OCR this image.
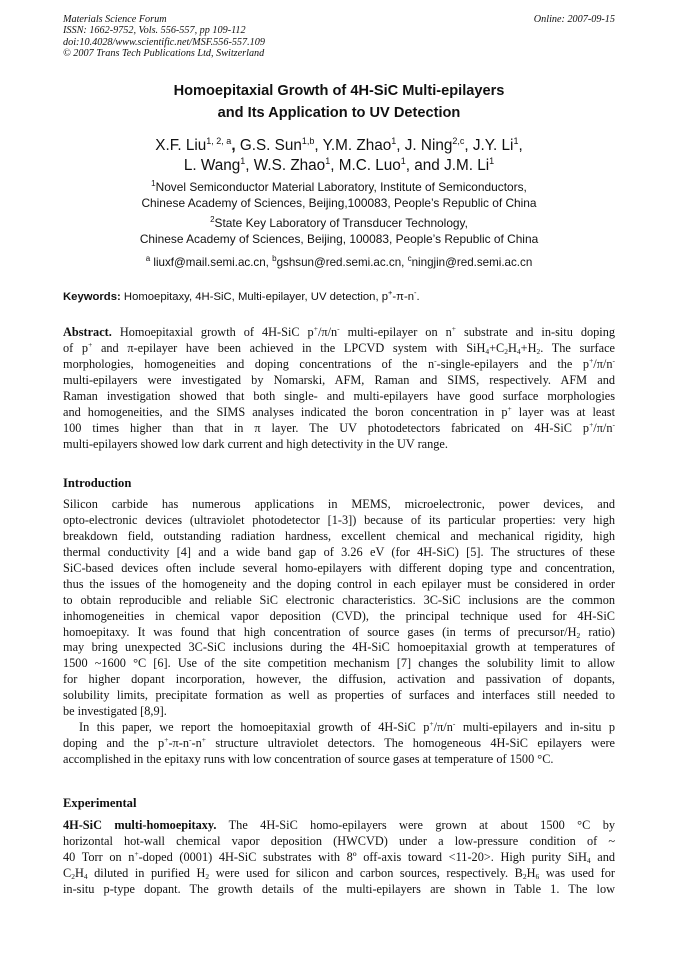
Materials Science Forum
ISSN: 1662-9752, Vols. 556-557, pp 109-112
doi:10.4028/www.scientific.net/MSF.556-557.109
© 2007 Trans Tech Publications Ltd, Switzerland
Online: 2007-09-15
Homoepitaxial Growth of 4H-SiC Multi-epilayers
and Its Application to UV Detection
X.F. Liu$^{1, 2, a}$, G.S. Sun$^{1,b}$, Y.M. Zhao$^1$, J. Ning$^{2,c}$, J.Y. Li$^1$,
L. Wang$^1$, W.S. Zhao$^1$, M.C. Luo$^1$, and J.M. Li$^1$
$^1$Novel Semiconductor Material Laboratory, Institute of Semiconductors,
Chinese Academy of Sciences, Beijing,100083, People’s Republic of China
$^2$State Key Laboratory of Transducer Technology,
Chinese Academy of Sciences, Beijing, 100083, People’s Republic of China
$^a$ liuxf@mail.semi.ac.cn, $^b$gshsun@red.semi.ac.cn, $^c$ningjin@red.semi.ac.cn
Keywords: Homoepitaxy, 4H-SiC, Multi-epilayer, UV detection, p+-π-n-.
Abstract. Homoepitaxial growth of 4H-SiC p+/π/n- multi-epilayer on n+ substrate and in-situ doping
of p+ and π-epilayer have been achieved in the LPCVD system with $SiH_4+C_2H_4+H_2$. The surface
morphologies, homogeneities and doping concentrations of the n--single-epilayers and the p+/π/n-
multi-epilayers were investigated by Nomarski, AFM, Raman and SIMS, respectively. AFM and
Raman investigation showed that both single- and multi-epilayers have good surface morphologies
and homogeneities, and the SIMS analyses indicated the boron concentration in p+ layer was at least
100 times higher than that in π layer. The UV photodetectors fabricated on 4H-SiC p+/π/n-
multi-epilayers showed low dark current and high detectivity in the UV range.
Introduction
Silicon carbide has numerous applications in MEMS, microelectronic, power devices, and
opto-electronic devices (ultraviolet photodetector [1-3]) because of its particular properties: very high
breakdown field, outstanding radiation hardness, excellent chemical and mechanical rigidity, high
thermal conductivity [4] and a wide band gap of 3.26 eV (for 4H-SiC) [5]. The structures of these
SiC-based devices often include several homo-epilayers with different doping type and concentration,
thus the issues of the homogeneity and the doping control in each epilayer must be considered in order
to obtain reproducible and reliable SiC electronic characteristics. 3C-SiC inclusions are the common
inhomogeneities in chemical vapor deposition (CVD), the principal technique used for 4H-SiC
homoepitaxy. It was found that high concentration of source gases (in terms of precursor/$H_2$ ratio)
may bring unexpected 3C-SiC inclusions during the 4H-SiC homoepitaxial growth at temperatures of
1500 ~1600 °C [6]. Use of the site competition mechanism [7] changes the solubility limit to allow
for higher dopant incorporation, however, the diffusion, activation and passivation of dopants,
solubility limits, precipitate formation as well as properties of surfaces and interfaces still needed to
be investigated [8,9].
In this paper, we report the homoepitaxial growth of 4H-SiC p+/π/n- multi-epilayers and in-situ p
doping and the p+-π-n--n+ structure ultraviolet detectors. The homogeneous 4H-SiC epilayers were
accomplished in the epitaxy runs with low concentration of source gases at temperature of 1500 °C.
Experimental
4H-SiC multi-homoepitaxy. The 4H-SiC homo-epilayers were grown at about 1500 °C by
horizontal hot-wall chemical vapor deposition (HWCVD) under a low-pressure condition of ~
40 Torr on n+-doped (0001) 4H-SiC substrates with 8º off-axis toward <11-20>. High purity SiH$_4$ and
$C_2H_4$ diluted in purified $H_2$ were used for silicon and carbon sources, respectively. $B_2H_6$ was used for
in-situ p-type dopant. The growth details of the multi-epilayers are shown in Table 1. The low
